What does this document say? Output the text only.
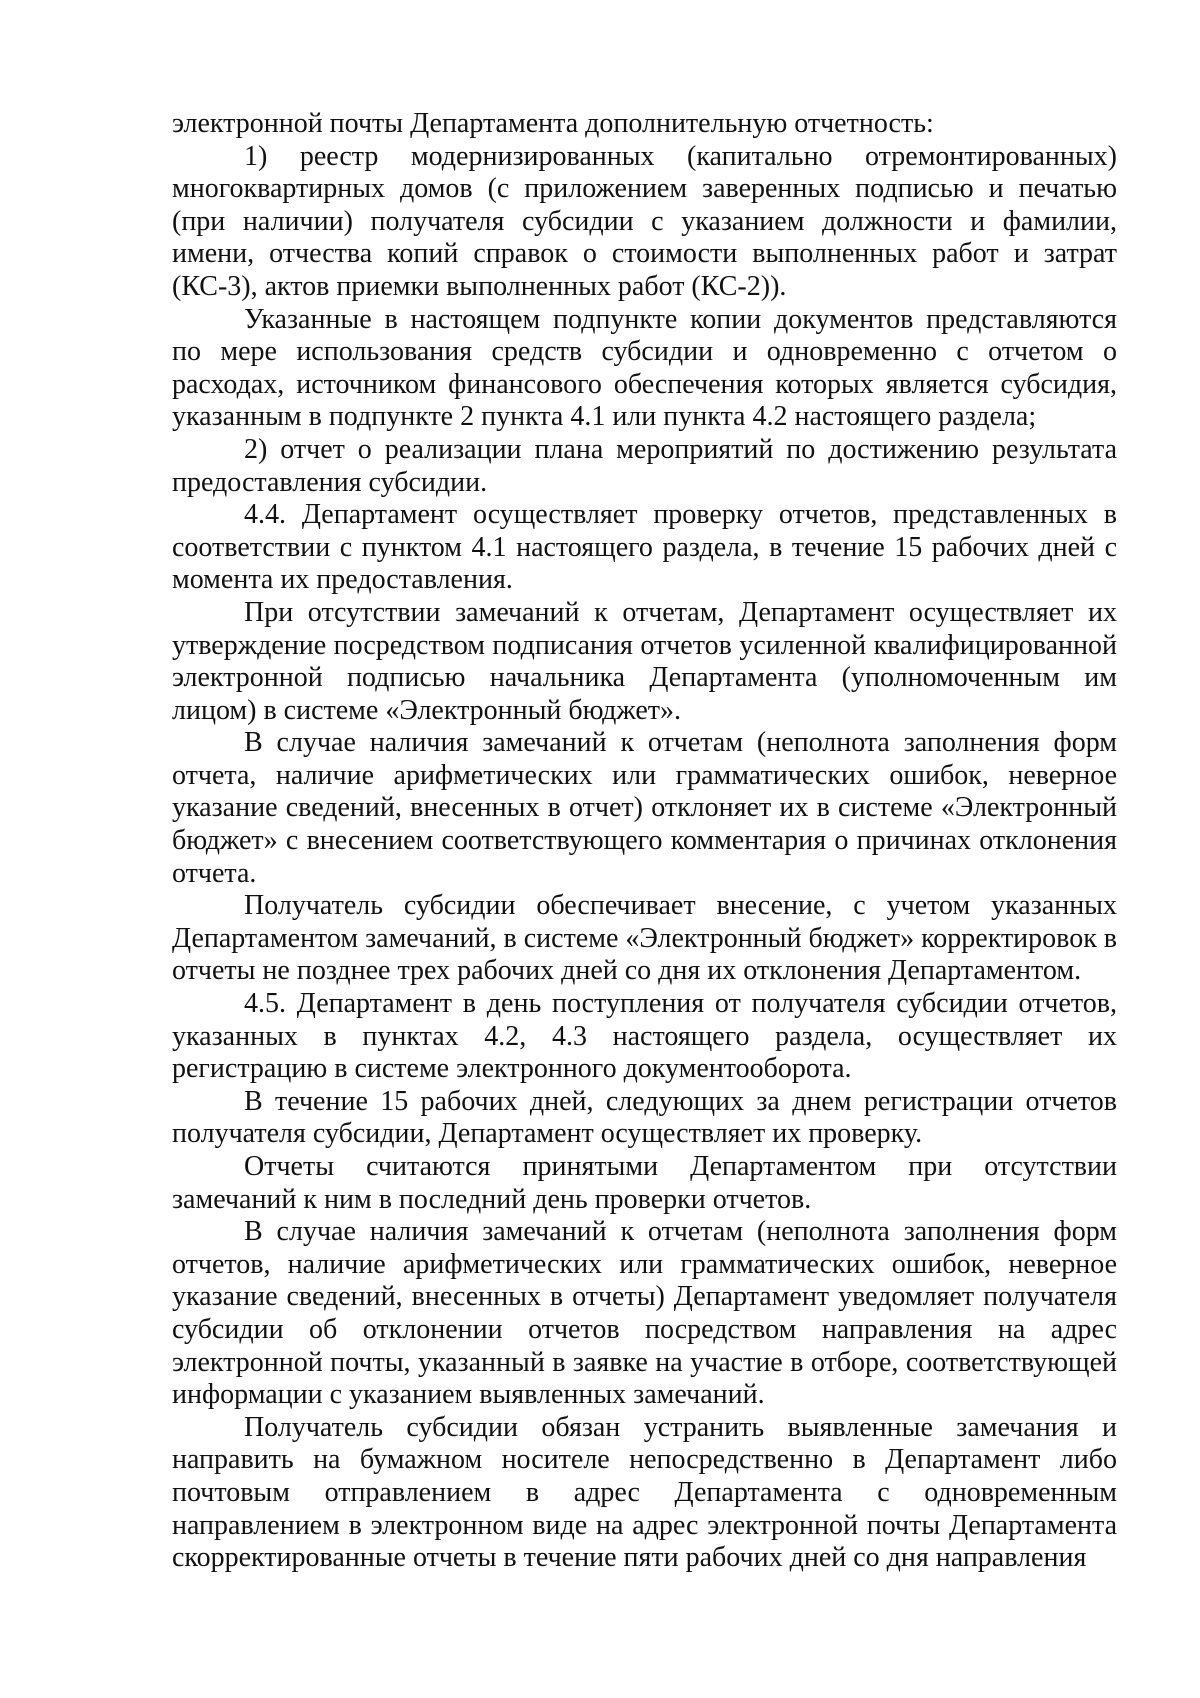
электронной почты Департамента дополнительную отчетность:

1) реестр модернизированных (капитально отремонтированных) многоквартирных домов (с приложением заверенных подписью и печатью (при наличии) получателя субсидии с указанием должности и фамилии, имени, отчества копий справок о стоимости выполненных работ и затрат (КС-3), актов приемки выполненных работ (КС-2)).

Указанные в настоящем подпункте копии документов представляются по мере использования средств субсидии и одновременно с отчетом о расходах, источником финансового обеспечения которых является субсидия, указанным в подпункте 2 пункта 4.1 или пункта 4.2 настоящего раздела;

2) отчет о реализации плана мероприятий по достижению результата предоставления субсидии.

4.4. Департамент осуществляет проверку отчетов, представленных в соответствии с пунктом 4.1 настоящего раздела, в течение 15 рабочих дней с момента их предоставления.

При отсутствии замечаний к отчетам, Департамент осуществляет их утверждение посредством подписания отчетов усиленной квалифицированной электронной подписью начальника Департамента (уполномоченным им лицом) в системе «Электронный бюджет».

В случае наличия замечаний к отчетам (неполнота заполнения форм отчета, наличие арифметических или грамматических ошибок, неверное указание сведений, внесенных в отчет) отклоняет их в системе «Электронный бюджет» с внесением соответствующего комментария о причинах отклонения отчета.

Получатель субсидии обеспечивает внесение, с учетом указанных Департаментом замечаний, в системе «Электронный бюджет» корректировок в отчеты не позднее трех рабочих дней со дня их отклонения Департаментом.

4.5. Департамент в день поступления от получателя субсидии отчетов, указанных в пунктах 4.2, 4.3 настоящего раздела, осуществляет их регистрацию в системе электронного документооборота.

В течение 15 рабочих дней, следующих за днем регистрации отчетов получателя субсидии, Департамент осуществляет их проверку.

Отчеты считаются принятыми Департаментом при отсутствии замечаний к ним в последний день проверки отчетов.

В случае наличия замечаний к отчетам (неполнота заполнения форм отчетов, наличие арифметических или грамматических ошибок, неверное указание сведений, внесенных в отчеты) Департамент уведомляет получателя субсидии об отклонении отчетов посредством направления на адрес электронной почты, указанный в заявке на участие в отборе, соответствующей информации с указанием выявленных замечаний.

Получатель субсидии обязан устранить выявленные замечания и направить на бумажном носителе непосредственно в Департамент либо почтовым отправлением в адрес Департамента с одновременным направлением в электронном виде на адрес электронной почты Департамента скорректированные отчеты в течение пяти рабочих дней со дня направления
